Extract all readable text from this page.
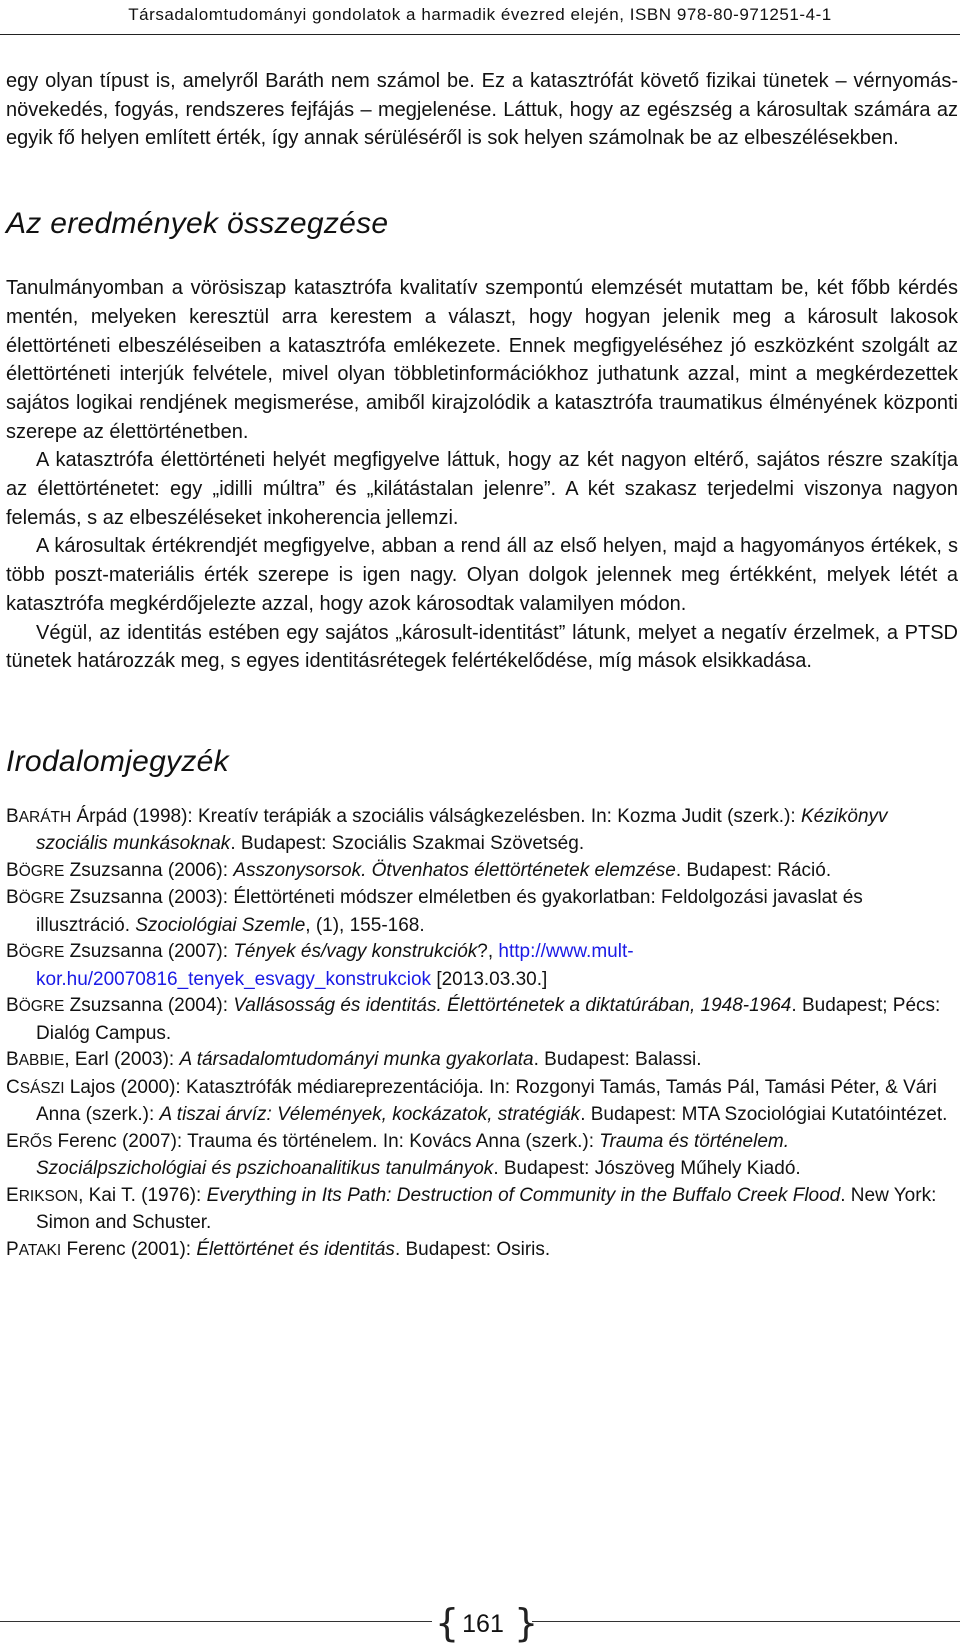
Társadalomtudományi gondolatok a harmadik évezred elején, ISBN 978-80-971251-4-1

egy olyan típust is, amelyről Baráth nem számol be. Ez a katasztrófát követő fizikai tünetek – vérnyomás-növekedés, fogyás, rendszeres fejfájás – megjelenése. Láttuk, hogy az egészség a károsultak számára az egyik fő helyen említett érték, így annak sérüléséről is sok helyen számolnak be az elbeszélésekben.

Az eredmények összegzése

Tanulmányomban a vörösiszap katasztrófa kvalitatív szempontú elemzését mutattam be, két főbb kérdés mentén, melyeken keresztül arra kerestem a választ, hogy hogyan jelenik meg a károsult lakosok élettörténeti elbeszéléseiben a katasztrófa emlékezete. Ennek megfigyeléséhez jó eszközként szolgált az élettörténeti interjúk felvétele, mivel olyan többletinformációkhoz juthatunk azzal, mint a megkérdezettek sajátos logikai rendjének megismerése, amiből kirajzolódik a katasztrófa traumatikus élményének központi szerepe az élettörténetben.

A katasztrófa élettörténeti helyét megfigyelve láttuk, hogy az két nagyon eltérő, sajátos részre szakítja az élettörténetet: egy „idilli múltra” és „kilátástalan jelenre”. A két szakasz terjedelmi viszonya nagyon felemás, s az elbeszéléseket inkoherencia jellemzi.

A károsultak értékrendjét megfigyelve, abban a rend áll az első helyen, majd a hagyományos értékek, s több poszt-materiális érték szerepe is igen nagy. Olyan dolgok jelennek meg értékként, melyek létét a katasztrófa megkérdőjelezte azzal, hogy azok károsodtak valamilyen módon.

Végül, az identitás estében egy sajátos „károsult-identitást” látunk, melyet a negatív érzelmek, a PTSD tünetek határozzák meg, s egyes identitásrétegek felértékelődése, míg mások elsikkadása.

Irodalomjegyzék

BARÁTH Árpád (1998): Kreatív terápiák a szociális válságkezelésben. In: Kozma Judit (szerk.): Kézikönyv szociális munkásoknak. Budapest: Szociális Szakmai Szövetség.

BÖGRE Zsuzsanna (2006): Asszonysorsok. Ötvenhatos élettörténetek elemzése. Budapest: Ráció.

BÖGRE Zsuzsanna (2003): Élettörténeti módszer elméletben és gyakorlatban: Feldolgozási javaslat és illusztráció. Szociológiai Szemle, (1), 155-168.

BÖGRE Zsuzsanna (2007): Tények és/vagy konstrukciók?, http://www.mult-kor.hu/20070816_tenyek_esvagy_konstrukciok [2013.03.30.]

BÖGRE Zsuzsanna (2004): Vallásosság és identitás. Élettörténetek a diktatúrában, 1948-1964. Budapest; Pécs: Dialóg Campus.

BABBIE, Earl (2003): A társadalomtudományi munka gyakorlata. Budapest: Balassi.

CSÁSZI Lajos (2000): Katasztrófák médiareprezentációja. In: Rozgonyi Tamás, Tamás Pál, Tamási Péter, & Vári Anna (szerk.): A tiszai árvíz: Vélemények, kockázatok, stratégiák. Budapest: MTA Szociológiai Kutatóintézet.

ERŐS Ferenc (2007): Trauma és történelem. In: Kovács Anna (szerk.): Trauma és történelem. Szociálpszichológiai és pszichoanalitikus tanulmányok. Budapest: Jószöveg Műhely Kiadó.

ERIKSON, Kai T. (1976): Everything in Its Path: Destruction of Community in the Buffalo Creek Flood. New York: Simon and Schuster.

PATAKI Ferenc (2001): Élettörténet és identitás. Budapest: Osiris.

{ 161 }
